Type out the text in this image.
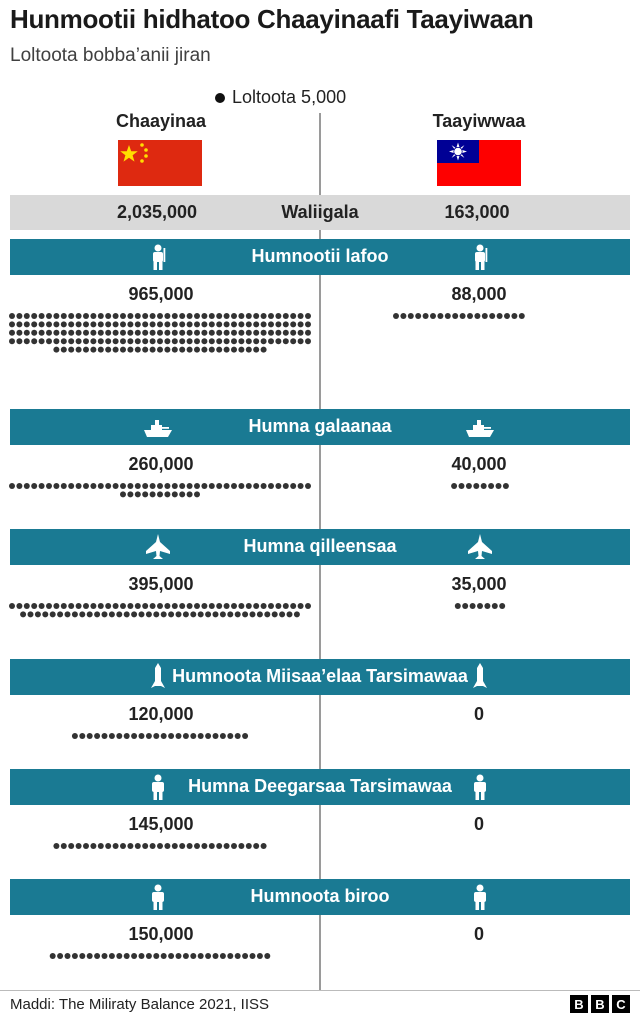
Hunmootii hidhatoo Chaayinaafi Taayiwaan
Loltoota bobba’anii jiran
Loltoota 5,000
Chaayinaa	Taayiwwaa
2,035,000	Waliigala	163,000
Humnootii lafoo
965,000	88,000
Humna galaanaa
260,000	40,000
Humna qilleensaa
395,000	35,000
Humnoota Miisaa’elaa Tarsimawaa
120,000	0
Humna Deegarsaa Tarsimawaa
145,000	0
Humnoota biroo
150,000	0
Maddi: The Miliraty Balance 2021, IISS	B B C
